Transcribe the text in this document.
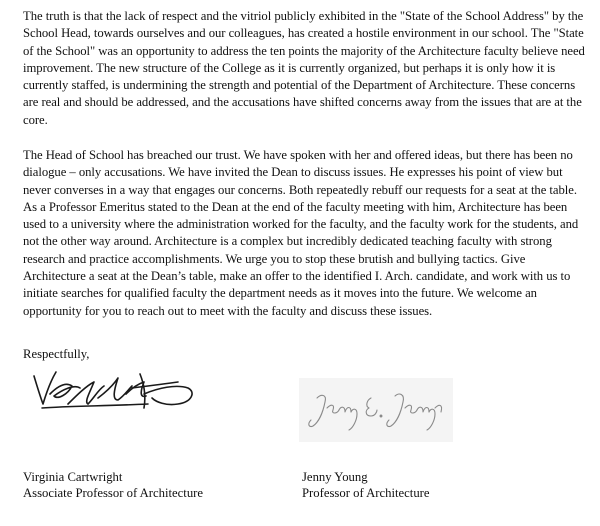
The truth is that the lack of respect and the vitriol publicly exhibited in the "State of the School Address" by the School Head, towards ourselves and our colleagues, has created a hostile environment in our school. The "State of the School" was an opportunity to address the ten points the majority of the Architecture faculty believe need improvement. The new structure of the College as it is currently organized, but perhaps it is only how it is currently staffed, is undermining the strength and potential of the Department of Architecture. These concerns are real and should be addressed, and the accusations have shifted concerns away from the issues that are at the core.

The Head of School has breached our trust. We have spoken with her and offered ideas, but there has been no dialogue – only accusations. We have invited the Dean to discuss issues. He expresses his point of view but never converses in a way that engages our concerns. Both repeatedly rebuff our requests for a seat at the table. As a Professor Emeritus stated to the Dean at the end of the faculty meeting with him, Architecture has been used to a university where the administration worked for the faculty, and the faculty work for the students, and not the other way around. Architecture is a complex but incredibly dedicated teaching faculty with strong research and practice accomplishments. We urge you to stop these brutish and bullying tactics. Give Architecture a seat at the Dean’s table, make an offer to the identified I. Arch. candidate, and work with us to initiate searches for qualified faculty the department needs as it moves into the future. We welcome an opportunity for you to reach out to meet with the faculty and discuss these issues.

Respectfully,

Virginia Cartwright
Associate Professor of Architecture
Jenny Young
Professor of Architecture
